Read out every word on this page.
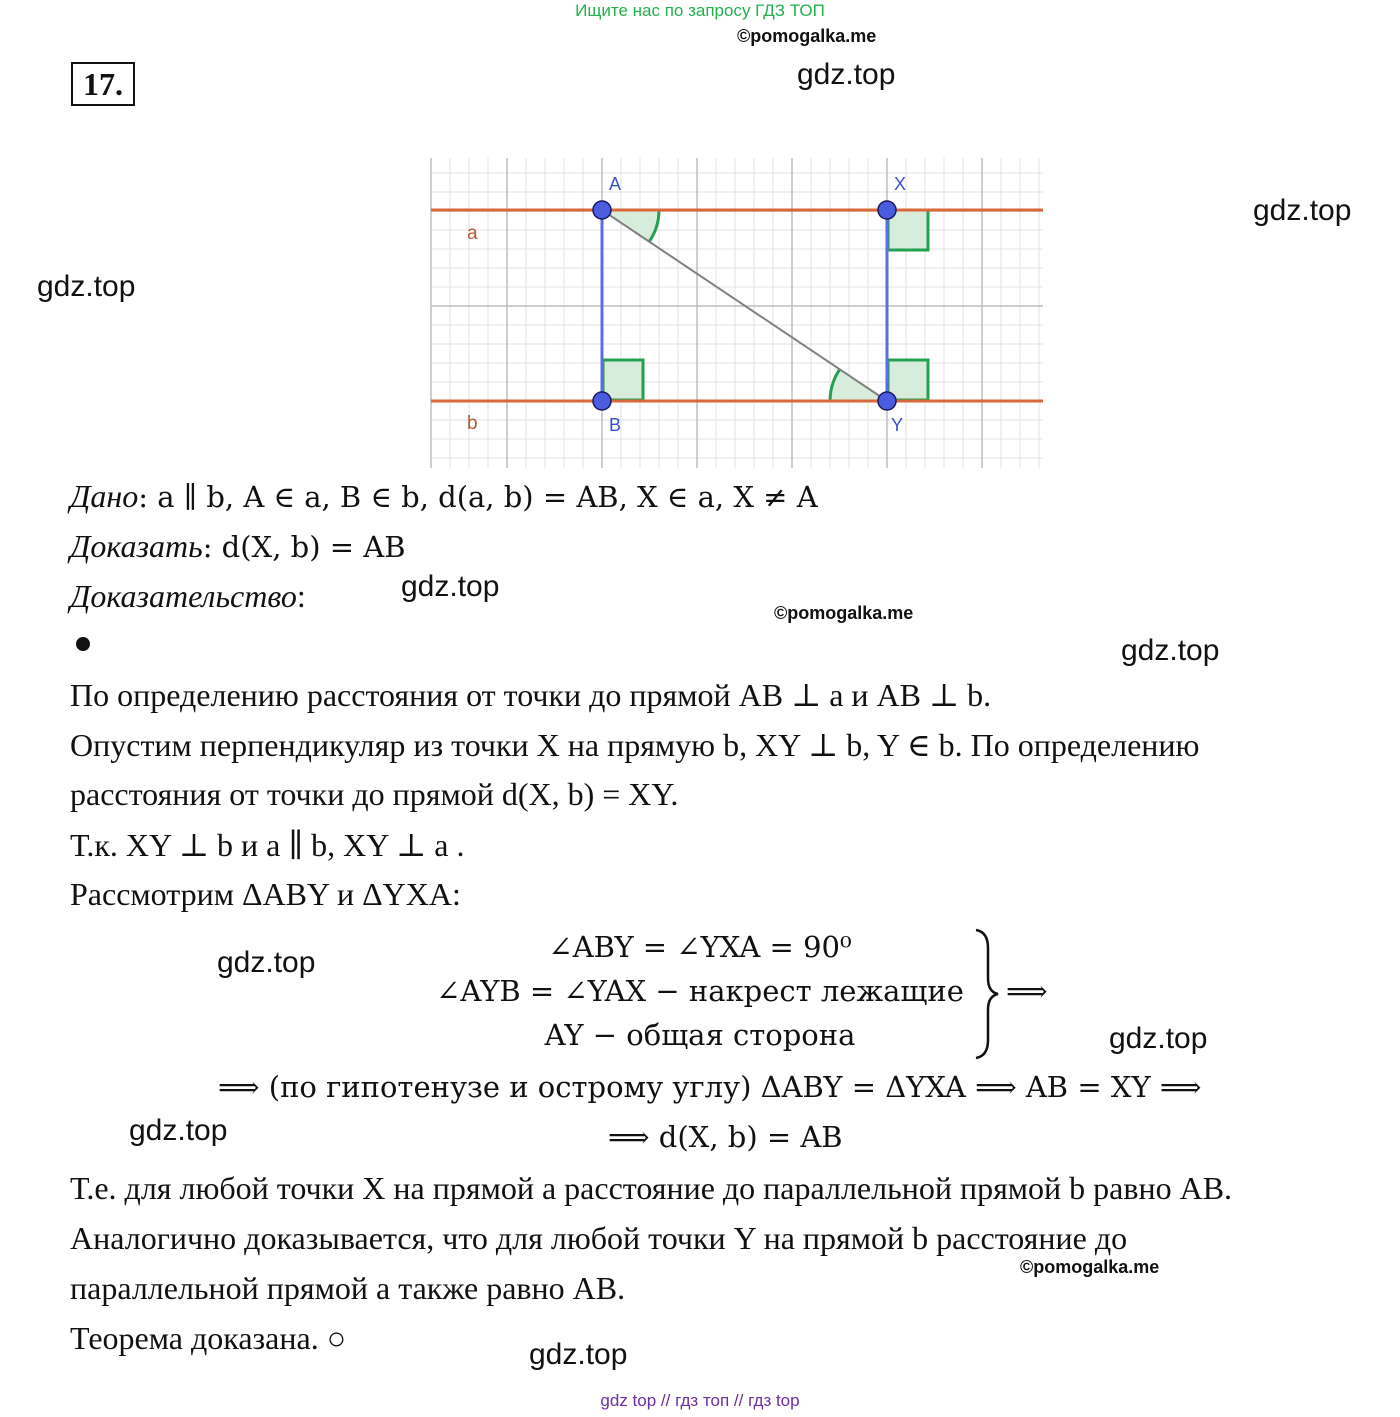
Ищите нас по запросу ГДЗ ТОП
©pomogalka.me
17.	gdz.top
gdz.top
gdz.top
a
b
A	X
B	Y
Дано: a ∥ b, A ∈ a, B ∈ b, d(a, b) = AB, X ∈ a, X ≠ A
Доказать: d(X, b) = AB
Доказательство:	gdz.top
©pomogalka.me
gdz.top
По определению расстояния от точки до прямой AB ⊥ a и AB ⊥ b.
Опустим перпендикуляр из точки X на прямую b, XY ⊥ b, Y ∈ b. По определению
расстояния от точки до прямой d(X, b) = XY.
Т.к. XY ⊥ b и a ∥ b, XY ⊥ a .
Рассмотрим ΔABY и ΔYXA:
gdz.top	∠ABY = ∠YXA = 90⁰
∠AYB = ∠YAX − накрест лежащие
AY − общая сторона
⟹
gdz.top
⟹ (по гипотенузе и острому углу) ΔABY = ΔYXA ⟹ AB = XY ⟹
gdz.top	⟹ d(X, b) = AB
Т.е. для любой точки X на прямой a расстояние до параллельной прямой b равно AB.
Аналогично доказывается, что для любой точки Y на прямой b расстояние до
©pomogalka.me
параллельной прямой a также равно AB.
Теорема доказана. ○	gdz.top
gdz top // гдз топ // гдз top
